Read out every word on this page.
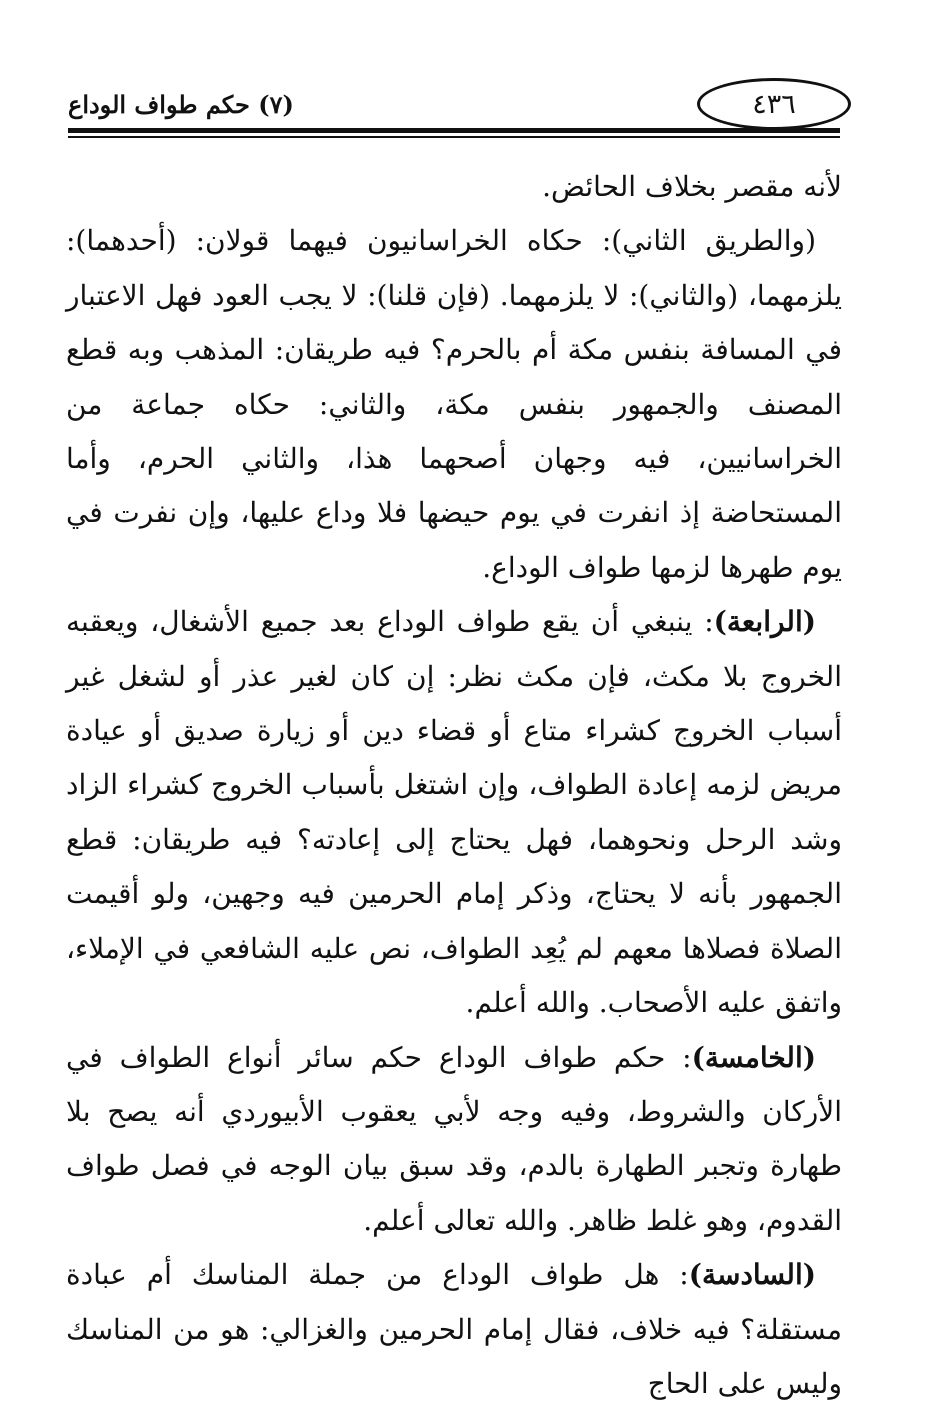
٤٣٦
(٧) حكم طواف الوداع

لأنه مقصر بخلاف الحائض.

(والطريق الثاني): حكاه الخراسانيون فيهما قولان: (أحدهما): يلزمهما، (والثاني): لا يلزمهما. (فإن قلنا): لا يجب العود فهل الاعتبار في المسافة بنفس مكة أم بالحرم؟ فيه طريقان: المذهب وبه قطع المصنف والجمهور بنفس مكة، والثاني: حكاه جماعة من الخراسانيين، فيه وجهان أصحهما هذا، والثاني الحرم، وأما المستحاضة إذ انفرت في يوم حيضها فلا وداع عليها، وإن نفرت في يوم طهرها لزمها طواف الوداع.

(الرابعة): ينبغي أن يقع طواف الوداع بعد جميع الأشغال، ويعقبه الخروج بلا مكث، فإن مكث نظر: إن كان لغير عذر أو لشغل غير أسباب الخروج كشراء متاع أو قضاء دين أو زيارة صديق أو عيادة مريض لزمه إعادة الطواف، وإن اشتغل بأسباب الخروج كشراء الزاد وشد الرحل ونحوهما، فهل يحتاج إلى إعادته؟ فيه طريقان: قطع الجمهور بأنه لا يحتاج، وذكر إمام الحرمين فيه وجهين، ولو أقيمت الصلاة فصلاها معهم لم يُعِد الطواف، نص عليه الشافعي في الإملاء، واتفق عليه الأصحاب. والله أعلم.

(الخامسة): حكم طواف الوداع حكم سائر أنواع الطواف في الأركان والشروط، وفيه وجه لأبي يعقوب الأبيوردي أنه يصح بلا طهارة وتجبر الطهارة بالدم، وقد سبق بيان الوجه في فصل طواف القدوم، وهو غلط ظاهر. والله تعالى أعلم.

(السادسة): هل طواف الوداع من جملة المناسك أم عبادة مستقلة؟ فيه خلاف، فقال إمام الحرمين والغزالي: هو من المناسك وليس على الحاج
